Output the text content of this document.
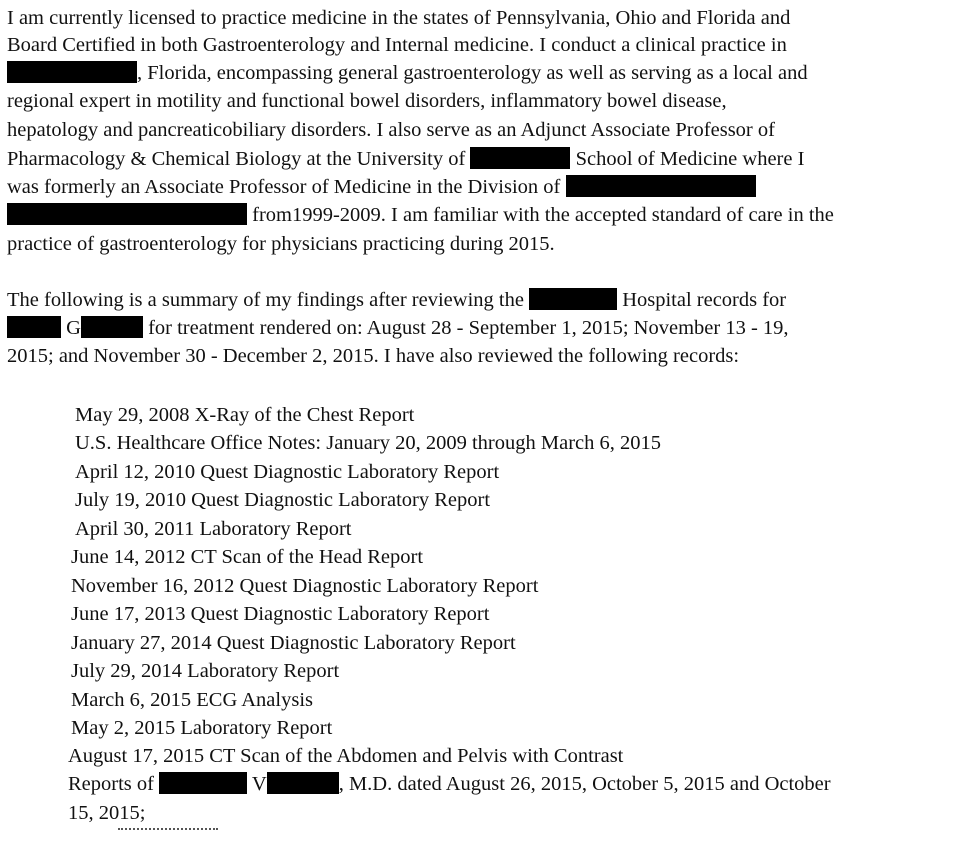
I am currently licensed to practice medicine in the states of Pennsylvania, Ohio and Florida and
Board Certified in both Gastroenterology and Internal medicine. I conduct a clinical practice in
, Florida, encompassing general gastroenterology as well as serving as a local and
regional expert in motility and functional bowel disorders, inflammatory bowel disease,
hepatology and pancreaticobiliary disorders. I also serve as an Adjunct Associate Professor of
Pharmacology & Chemical Biology at the University of	School of Medicine where I
was formerly an Associate Professor of Medicine in the Division of
from1999-2009. I am familiar with the accepted standard of care in the
practice of gastroenterology for physicians practicing during 2015.
The following is a summary of my findings after reviewing the	Hospital records for
G	for treatment rendered on: August 28 - September 1, 2015; November 13 - 19,
2015; and November 30 - December 2, 2015. I have also reviewed the following records:
May 29, 2008 X-Ray of the Chest Report
U.S. Healthcare Office Notes: January 20, 2009 through March 6, 2015
April 12, 2010 Quest Diagnostic Laboratory Report
July 19, 2010 Quest Diagnostic Laboratory Report
April 30, 2011 Laboratory Report
June 14, 2012 CT Scan of the Head Report
November 16, 2012 Quest Diagnostic Laboratory Report
June 17, 2013 Quest Diagnostic Laboratory Report
January 27, 2014 Quest Diagnostic Laboratory Report
July 29, 2014 Laboratory Report
March 6, 2015 ECG Analysis
May 2, 2015 Laboratory Report
August 17, 2015 CT Scan of the Abdomen and Pelvis with Contrast
Reports of	V	, M.D. dated August 26, 2015, October 5, 2015 and October
15, 2015;
